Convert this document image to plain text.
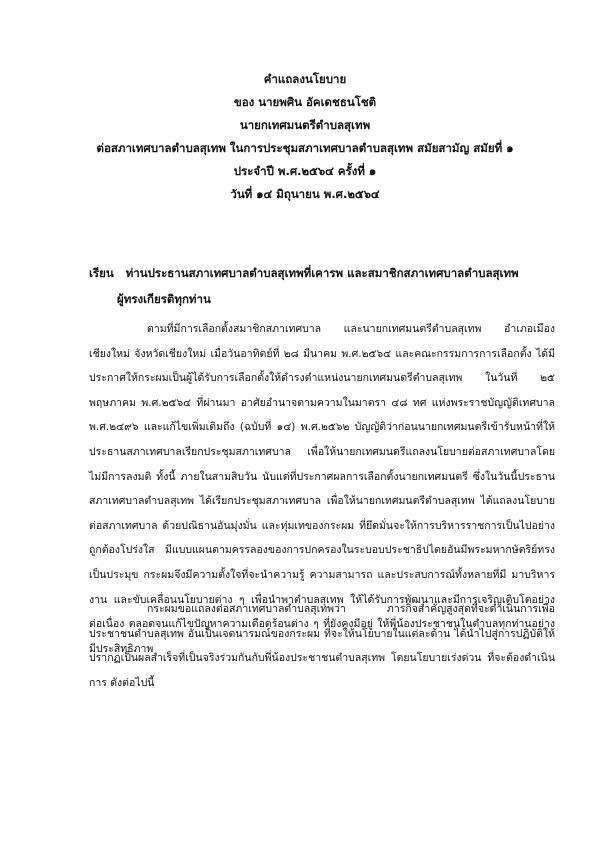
คำแถลงนโยบาย
ของ นายพศิน อัคเดชธนโชติ
นายกเทศมนตรีตำบลสุเทพ
ต่อสภาเทศบาลตำบลสุเทพ ในการประชุมสภาเทศบาลตำบลสุเทพ สมัยสามัญ สมัยที่ ๑
ประจำปี พ.ศ.๒๕๖๔ ครั้งที่ ๑
วันที่ ๑๔ มิถุนายน พ.ศ.๒๕๖๔
เรียน ท่านประธานสภาเทศบาลตำบลสุเทพที่เคารพ และสมาชิกสภาเทศบาลตำบลสุเทพ
ผู้ทรงเกียรติทุกท่าน
ตามที่มีการเลือกตั้งสมาชิกสภาเทศบาล และนายกเทศมนตรีตำบลสุเทพ อำเภอเมืองเชียงใหม่ จังหวัดเชียงใหม่ เมื่อวันอาทิตย์ที่ ๒๘ มีนาคม พ.ศ.๒๕๖๔ และคณะกรรมการการเลือกตั้ง ได้มีประกาศให้กระผมเป็นผู้ได้รับการเลือกตั้งให้ดำรงตำแหน่งนายกเทศมนตรีตำบลสุเทพ ในวันที่ ๒๕ พฤษภาคม พ.ศ.๒๕๖๔ ที่ผ่านมา อาศัยอำนาจตามความในมาตรา ๔๘ ทศ แห่งพระราชบัญญัติเทศบาล พ.ศ.๒๔๙๖ และแก้ไขเพิ่มเติมถึง (ฉบับที่ ๑๔) พ.ศ.๒๕๖๒ บัญญัติว่าก่อนนายกเทศมนตรีเข้ารับหน้าที่ให้ประธานสภาเทศบาลเรียกประชุมสภาเทศบาล เพื่อให้นายกเทศมนตรีแถลงนโยบายต่อสภาเทศบาลโดยไม่มีการลงมติ ทั้งนี้ ภายในสามสิบวัน นับแต่ที่ประกาศผลการเลือกตั้งนายกเทศมนตรี ซึ่งในวันนี้ประธานสภาเทศบาลตำบลสุเทพ ได้เรียกประชุมสภาเทศบาล เพื่อให้นายกเทศมนตรีตำบลสุเทพ ได้แถลงนโยบายต่อสภาเทศบาล ด้วยปณิธานอันมุ่งมั่น และทุ่มเทของกระผม ที่ยึดมั่นจะให้การบริหารราชการเป็นไปอย่างถูกต้องโปร่งใส มีแบบแผนตามครรลองของการปกครองในระบอบประชาธิปไตยอันมีพระมหากษัตริย์ทรงเป็นประมุข กระผมจึงมีความตั้งใจที่จะนำความรู้ ความสามารถ และประสบการณ์ทั้งหลายที่มี มาบริหารงาน และขับเคลื่อนนโยบายต่าง ๆ เพื่อนำพาตำบลสุเทพ ให้ได้รับการพัฒนาและมีการเจริญเติบโตอย่างต่อเนื่อง ตลอดจนแก้ไขปัญหาความเดือดร้อนต่าง ๆ ที่ยังคงมีอยู่ ให้พี่น้องประชาชนในตำบลทุกท่านอย่างมีประสิทธิภาพ
กระผมขอแถลงต่อสภาเทศบาลตำบลสุเทพว่า ภารกิจสำคัญสูงสุดที่จะดำเนินการเพื่อประชาชนตำบลสุเทพ อันเป็นเจตนารมณ์ของกระผม ที่จะให้นโยบายในแต่ละด้าน ได้นำไปสู่การปฏิบัติให้ปรากฏเป็นผลสำเร็จที่เป็นจริงร่วมกันกับพี่น้องประชาชนตำบลสุเทพ โดยนโยบายเร่งด่วน ที่จะต้องดำเนินการ ดังต่อไปนี้
